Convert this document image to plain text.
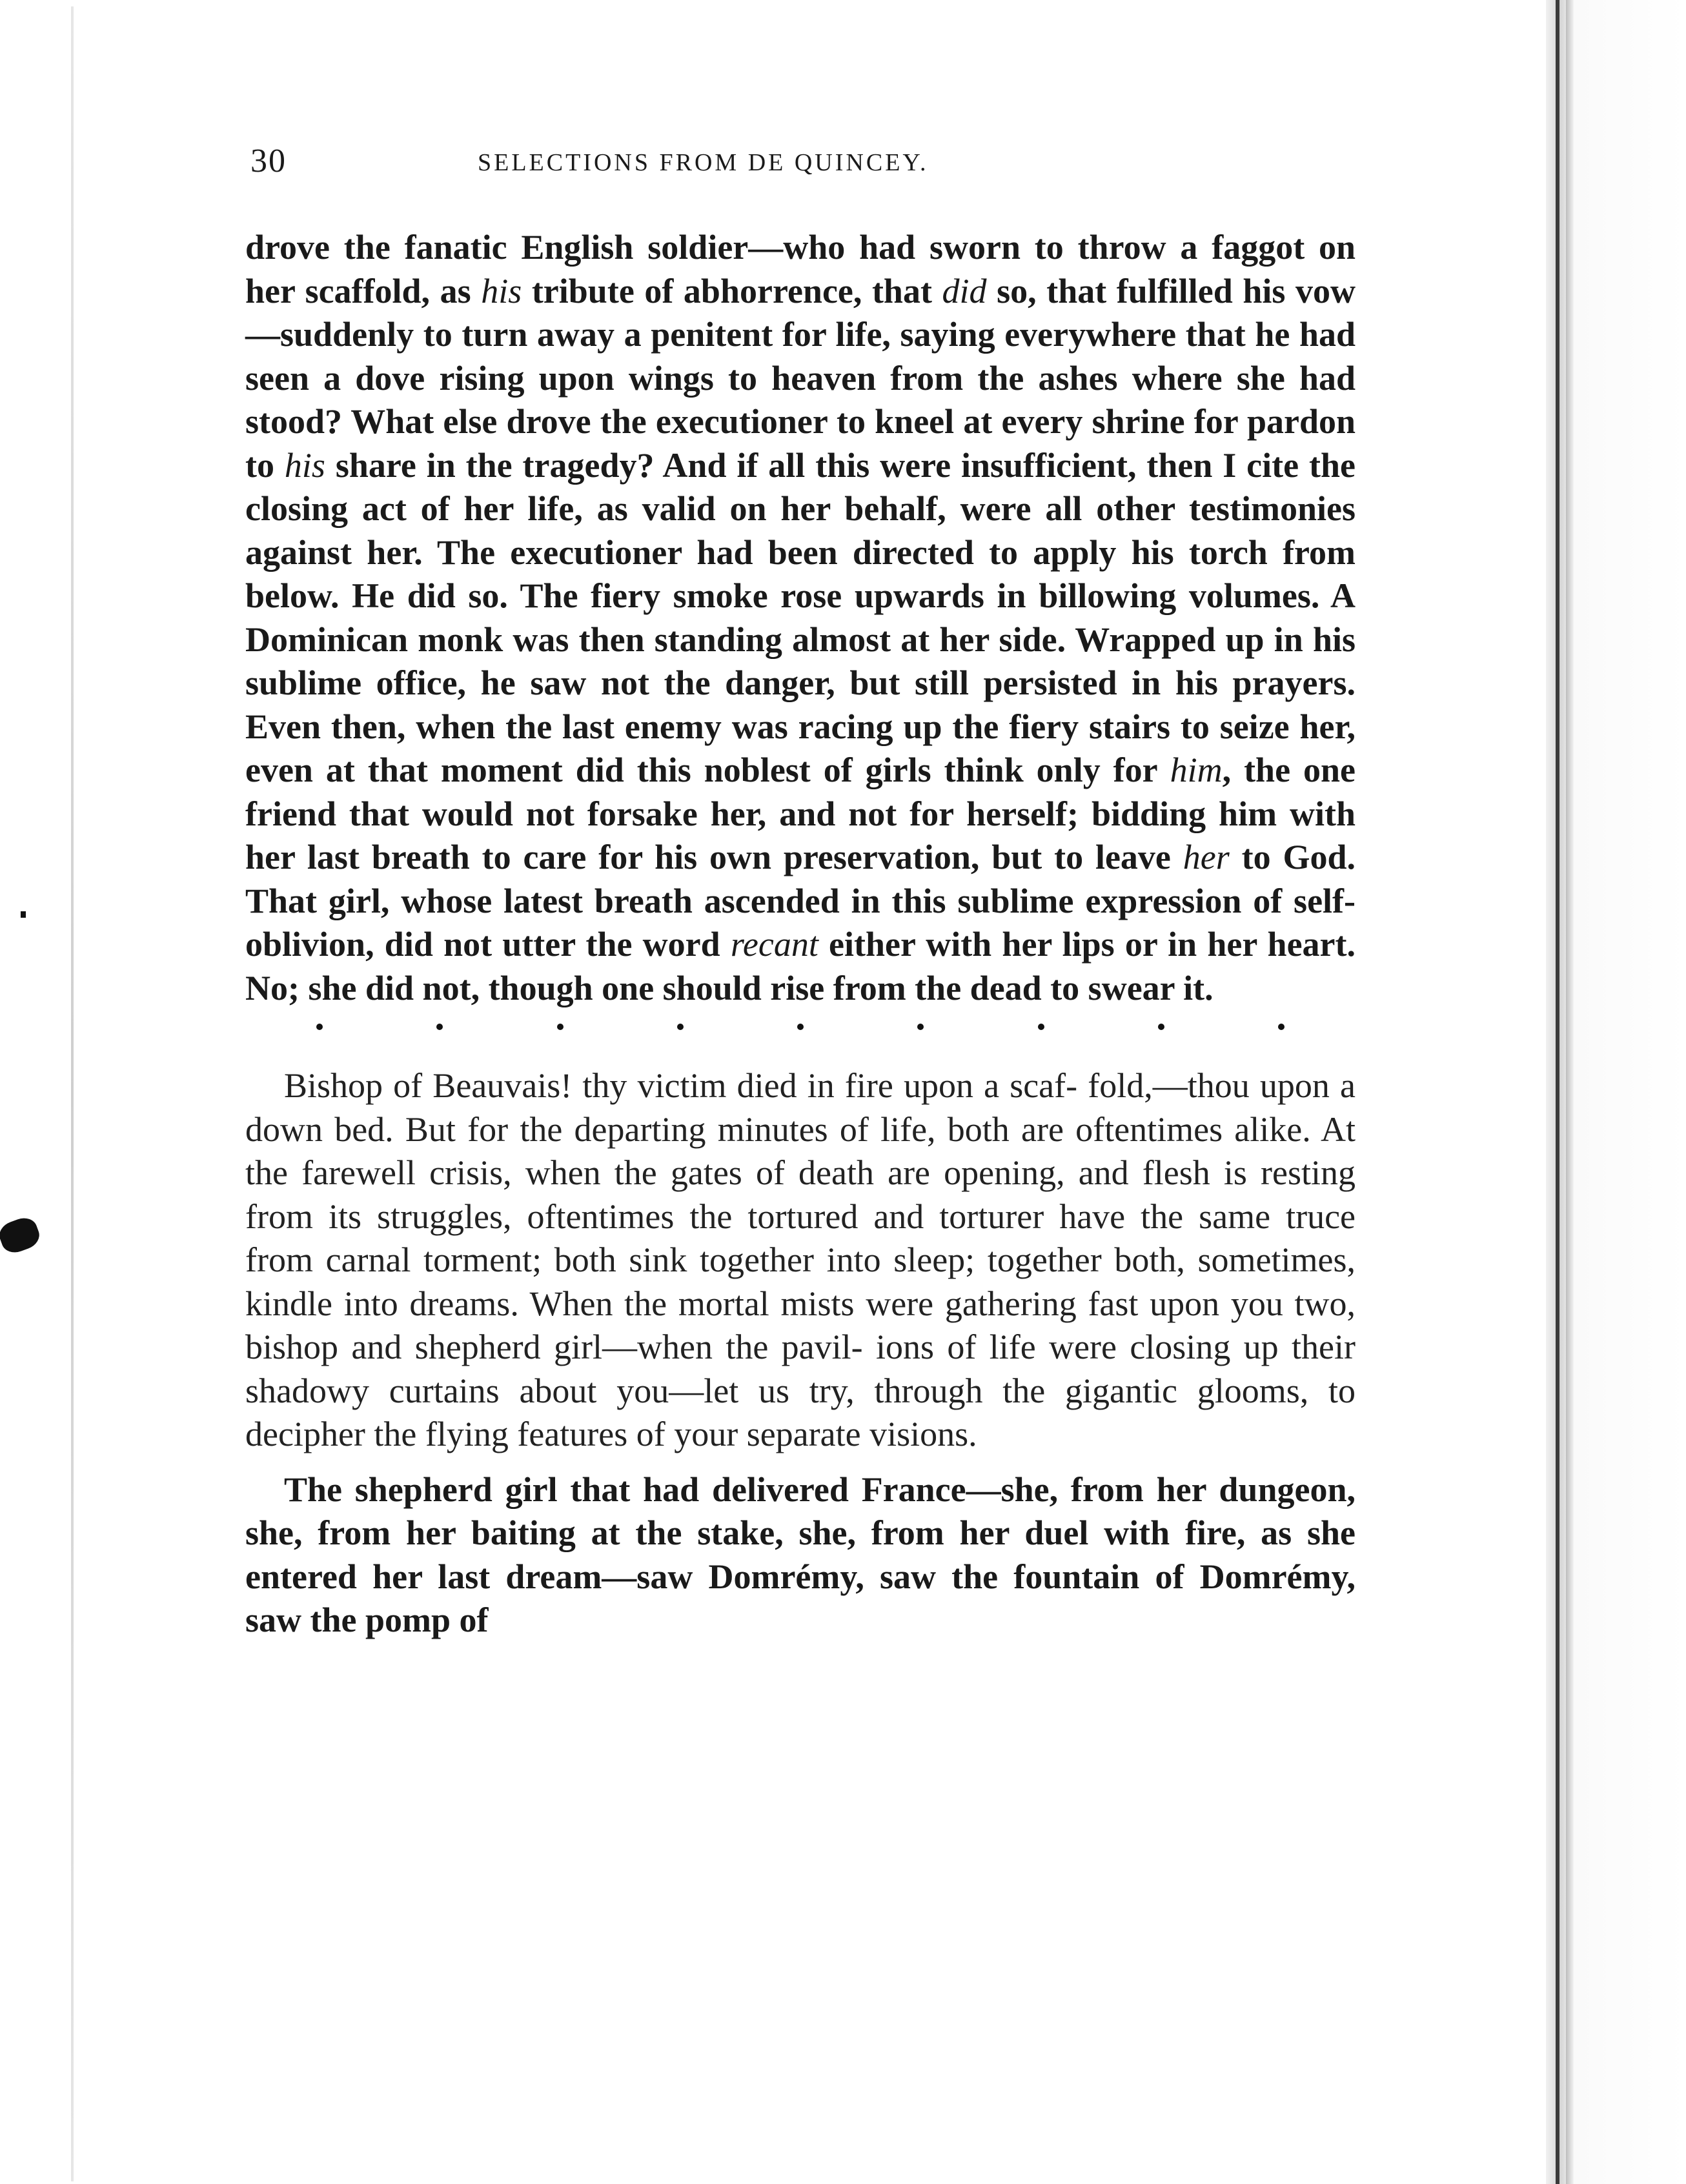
30	SELECTIONS FROM DE QUINCEY.

drove the fanatic English soldier—who had sworn to throw a faggot on her scaffold, as his tribute of abhorrence, that did so, that fulfilled his vow—suddenly to turn away a penitent for life, saying everywhere that he had seen a dove rising upon wings to heaven from the ashes where she had stood? What else drove the executioner to kneel at every shrine for pardon to his share in the tragedy? And if all this were insufficient, then I cite the closing act of her life, as valid on her behalf, were all other testimonies against her. The executioner had been directed to apply his torch from below. He did so. The fiery smoke rose upwards in billowing volumes. A Dominican monk was then standing almost at her side. Wrapped up in his sublime office, he saw not the danger, but still persisted in his prayers. Even then, when the last enemy was racing up the fiery stairs to seize her, even at that moment did this noblest of girls think only for him, the one friend that would not forsake her, and not for herself; bidding him with her last breath to care for his own preservation, but to leave her to God. That girl, whose latest breath ascended in this sublime expression of self-oblivion, did not utter the word recant either with her lips or in her heart. No; she did not, though one should rise from the dead to swear it.

Bishop of Beauvais! thy victim died in fire upon a scaf- fold,—thou upon a down bed. But for the departing minutes of life, both are oftentimes alike. At the farewell crisis, when the gates of death are opening, and flesh is resting from its struggles, oftentimes the tortured and torturer have the same truce from carnal torment; both sink together into sleep; together both, sometimes, kindle into dreams. When the mortal mists were gathering fast upon you two, bishop and shepherd girl—when the pavil- ions of life were closing up their shadowy curtains about you—let us try, through the gigantic glooms, to decipher the flying features of your separate visions.

The shepherd girl that had delivered France—she, from her dungeon, she, from her baiting at the stake, she, from her duel with fire, as she entered her last dream—saw Domrémy, saw the fountain of Domrémy, saw the pomp of
